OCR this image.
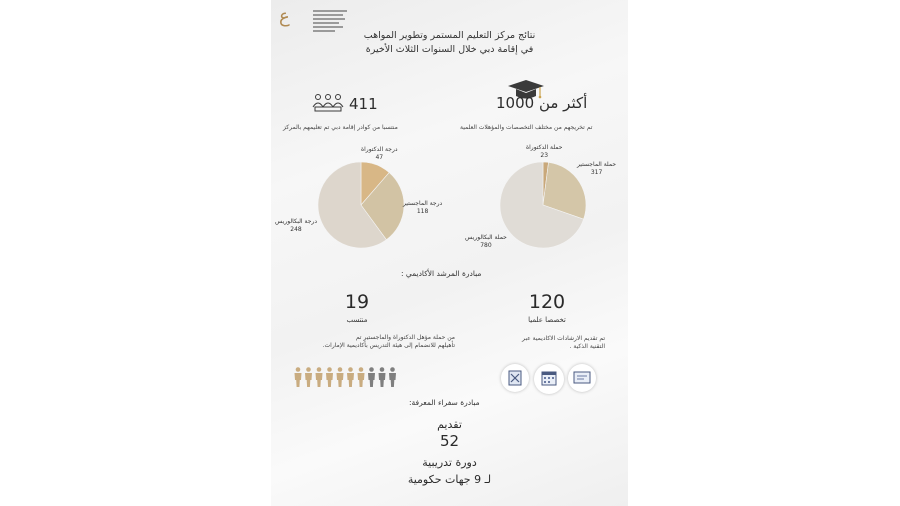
ع
نتائج مركز التعليم المستمر وتطوير المواهب
في إقامة دبي خلال السنوات الثلاث الأخيرة
أكثر من 1000
تم تخريجهم من مختلف التخصصات والمؤهلات العلمية
411
منتسبا من كوادر إقامة دبي تم تعليمهم بالمركز
حملة الدكتوراة
23
حملة الماجستير
317
حملة البكالوريس
780
درجة الدكتوراة
47
درجة الماجستير
118
درجة البكالوريس
248
مبادرة المرشد الأكاديمي :
120
تخصصا علميا
تم تقديم الارشادات الاكاديمية عبر
التقنية الذكية .
19
منتسب
من حملة مؤهل الدكتوراة والماجستير تم
تأهيلهم للانضمام إلى هيئة التدريس بأكاديمية الإمارات.
مبادرة سفراء المعرفة:
تقديم
52
دورة تدريبية
لـ 9 جهات حكومية
